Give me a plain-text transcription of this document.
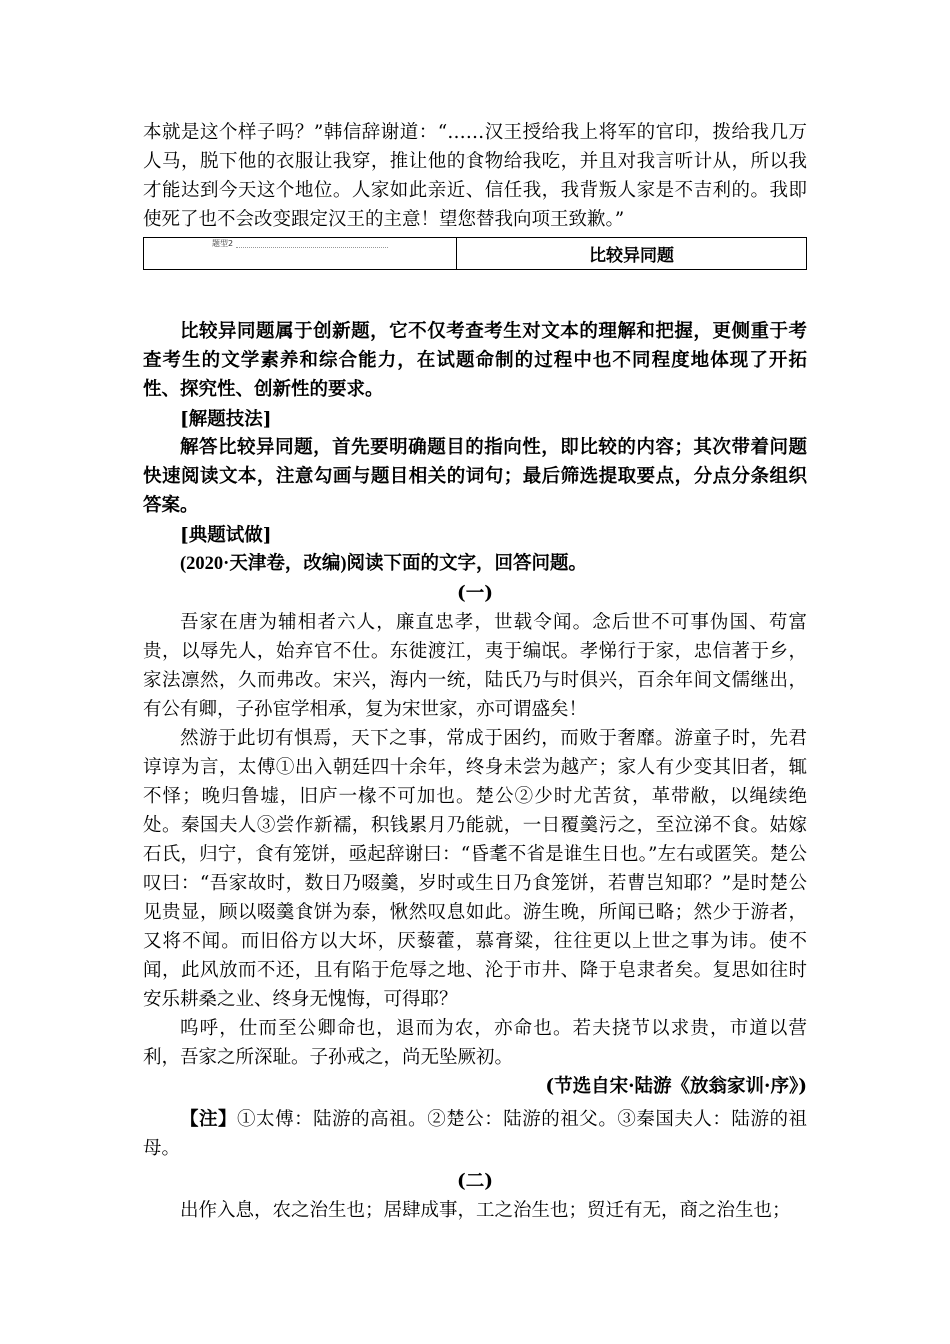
本就是这个样子吗？”韩信辞谢道：“……汉王授给我上将军的官印，拨给我几万人马，脱下他的衣服让我穿，推让他的食物给我吃，并且对我言听计从，所以我才能达到今天这个地位。人家如此亲近、信任我，我背叛人家是不吉利的。我即使死了也不会改变跟定汉王的主意！望您替我向项王致歉。”

题型2
比较异同题

比较异同题属于创新题，它不仅考查考生对文本的理解和把握，更侧重于考查考生的文学素养和综合能力，在试题命制的过程中也不同程度地体现了开拓性、探究性、创新性的要求。

[解题技法]

解答比较异同题，首先要明确题目的指向性，即比较的内容；其次带着问题快速阅读文本，注意勾画与题目相关的词句；最后筛选提取要点，分点分条组织答案。

[典题试做]

(2020·天津卷，改编)阅读下面的文字，回答问题。

(一)

吾家在唐为辅相者六人，廉直忠孝，世载令闻。念后世不可事伪国、苟富贵，以辱先人，始弃官不仕。东徙渡江，夷于编氓。孝悌行于家，忠信著于乡，家法凛然，久而弗改。宋兴，海内一统，陆氏乃与时俱兴，百余年间文儒继出，有公有卿，子孙宦学相承，复为宋世家，亦可谓盛矣！

然游于此切有惧焉，天下之事，常成于困约，而败于奢靡。游童子时，先君谆谆为言，太傅①出入朝廷四十余年，终身未尝为越产；家人有少变其旧者，辄不怿；晚归鲁墟，旧庐一椽不可加也。楚公②少时尤苦贫，革带敝，以绳续绝处。秦国夫人③尝作新襦，积钱累月乃能就，一日覆羹污之，至泣涕不食。姑嫁石氏，归宁，食有笼饼，亟起辞谢曰：“昏耄不省是谁生日也。”左右或匿笑。楚公叹曰：“吾家故时，数日乃啜羹，岁时或生日乃食笼饼，若曹岂知耶？”是时楚公见贵显，顾以啜羹食饼为泰，愀然叹息如此。游生晚，所闻已略；然少于游者，又将不闻。而旧俗方以大坏，厌藜藿，慕膏粱，往往更以上世之事为讳。使不闻，此风放而不还，且有陷于危辱之地、沦于市井、降于皂隶者矣。复思如往时安乐耕桑之业、终身无愧悔，可得耶？

呜呼，仕而至公卿命也，退而为农，亦命也。若夫挠节以求贵，市道以营利，吾家之所深耻。子孙戒之，尚无坠厥初。

(节选自宋·陆游《放翁家训·序》)

【注】①太傅：陆游的高祖。②楚公：陆游的祖父。③秦国夫人：陆游的祖母。

(二)

出作入息，农之治生也；居肆成事，工之治生也；贸迁有无，商之治生也；
